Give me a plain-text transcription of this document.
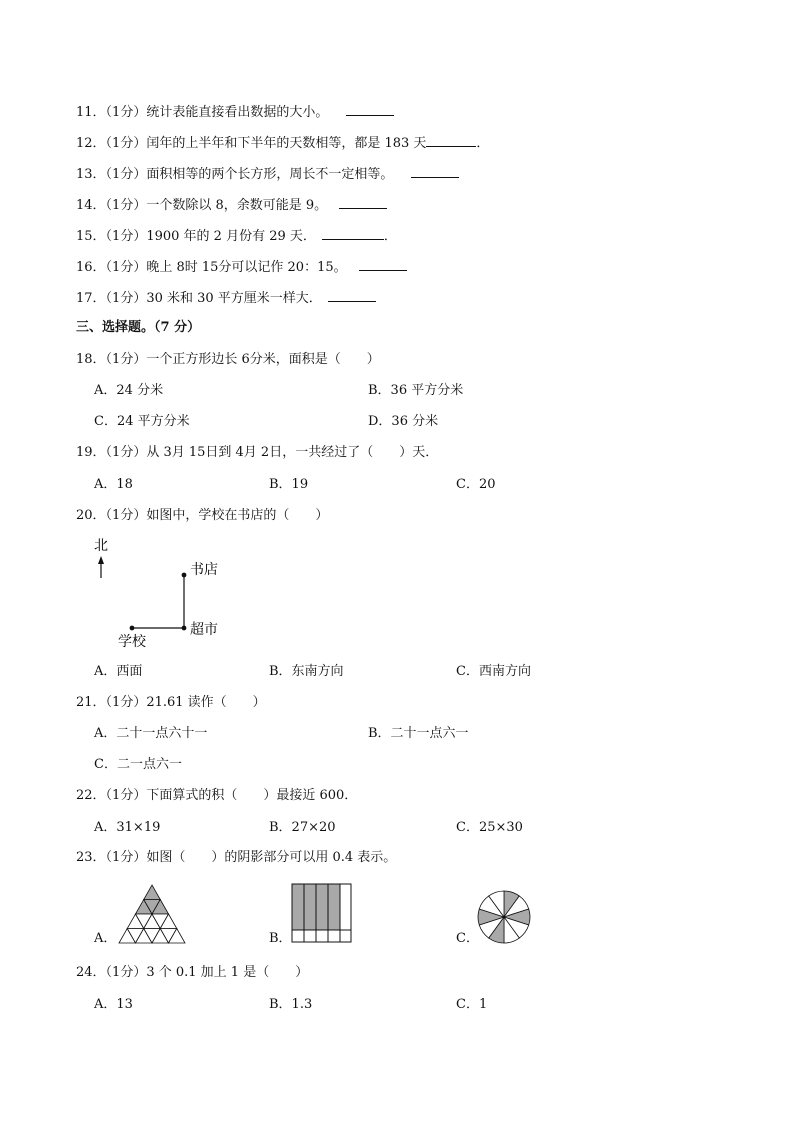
11．（1分）统计表能直接看出数据的大小。
12．（1分）闰年的上半年和下半年的天数相等，都是 183 天	．
13．（1分）面积相等的两个长方形，周长不一定相等。
14．（1分）一个数除以 8，余数可能是 9。
15．（1分）1900 年的 2 月份有 29 天．	．
16．（1分）晚上 8时 15分可以记作 20：15。
17．（1分）30 米和 30 平方厘米一样大．
三、选择题。（7 分）
18．（1分）一个正方形边长 6分米，面积是（　　）
A．24 分米	B．36 平方分米
C．24 平方分米	D．36 分米
19．（1分）从 3月 15日到 4月 2日，一共经过了（　　）天．
A．18	B．19	C．20
20．（1分）如图中，学校在书店的（　　）
北
书店
超市
学校
A．西面	B．东南方向	C．西南方向
21．（1分）21.61 读作（　　）
A．二十一点六十一	B．二十一点六一
C．二一点六一
22．（1分）下面算式的积（　　）最接近 600．
A．31×19	B．27×20	C．25×30
23．（1分）如图（　　）的阴影部分可以用 0.4 表示。
A．	B．	C．
24．（1分）3 个 0.1 加上 1 是（　　）
A．13	B．1.3	C．1
